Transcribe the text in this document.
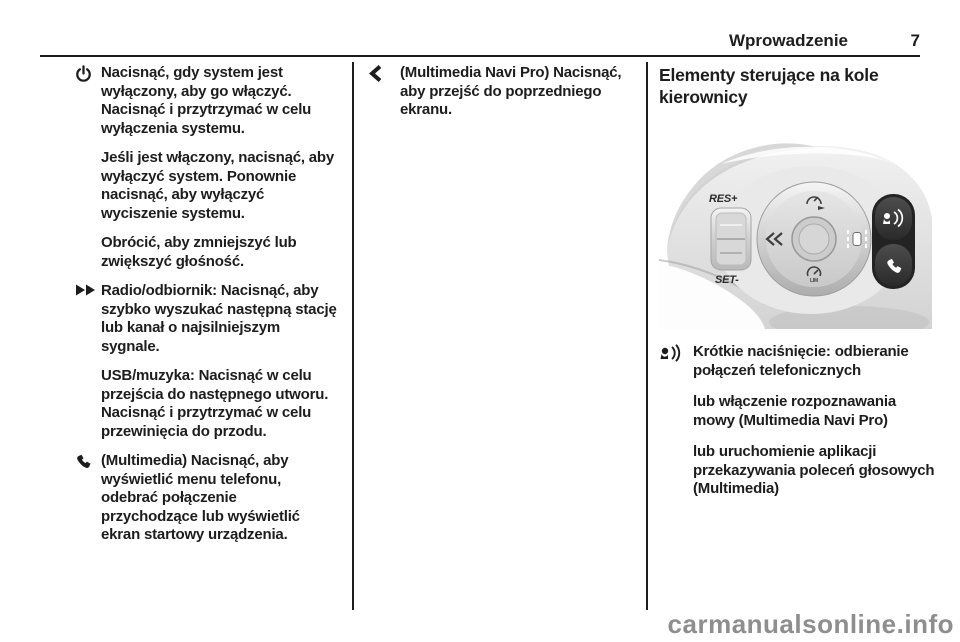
Wprowadzenie	7

Nacisnąć, gdy system jest wyłączony, aby go włączyć. Nacisnąć i przytrzymać w celu wyłączenia systemu.

Jeśli jest włączony, nacisnąć, aby wyłączyć system. Ponownie nacisnąć, aby wyłączyć wyciszenie systemu.

Obrócić, aby zmniejszyć lub zwiększyć głośność.

Radio/odbiornik: Nacisnąć, aby szybko wyszukać następną stację lub kanał o najsilniejszym sygnale.

USB/muzyka: Nacisnąć w celu przejścia do następnego utworu. Nacisnąć i przytrzymać w celu przewinięcia do przodu.

(Multimedia) Nacisnąć, aby wyświetlić menu telefonu, odebrać połączenie przychodzące lub wyświetlić ekran startowy urządzenia.

(Multimedia Navi Pro) Nacisnąć, aby przejść do poprzedniego ekranu.

Elementy sterujące na kole kierownicy
RES+
SET-	LIM

Krótkie naciśnięcie: odbieranie połączeń telefonicznych

lub włączenie rozpoznawania mowy (Multimedia Navi Pro)

lub uruchomienie aplikacji przekazywania poleceń głosowych (Multimedia)

carmanualsonline.info
